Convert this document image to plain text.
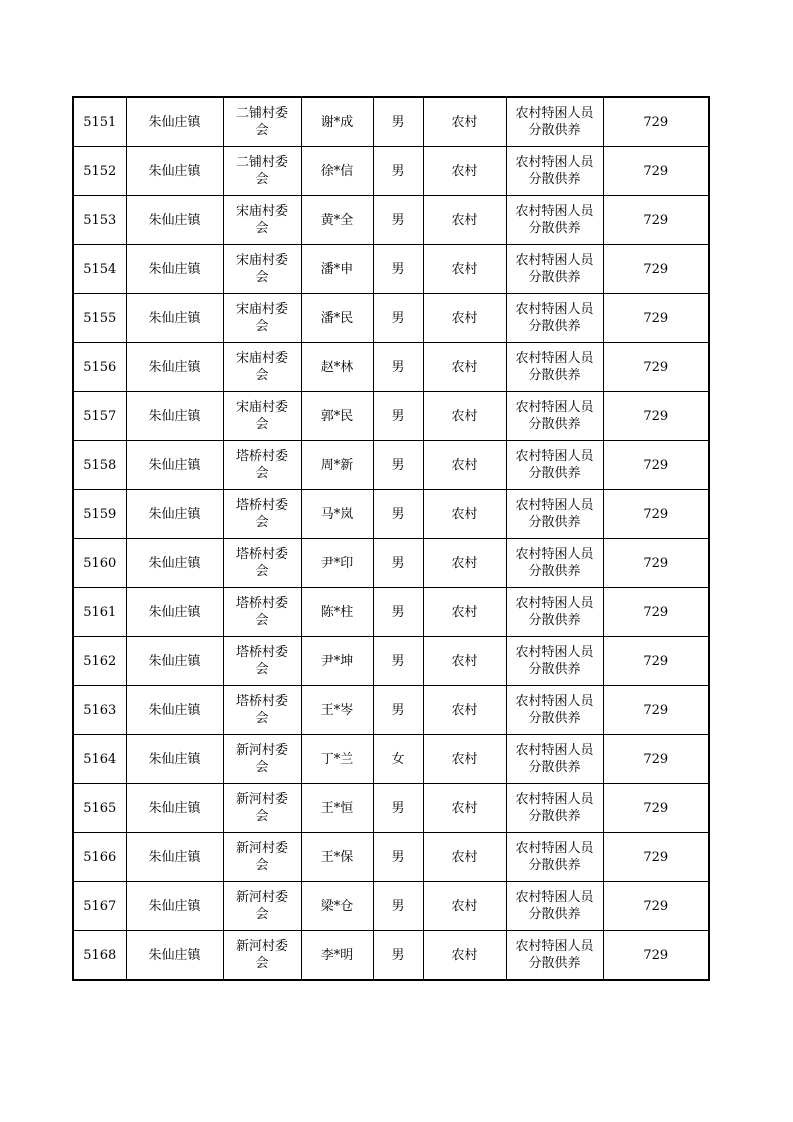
5151	朱仙庄镇	二铺村委会	谢*成	男	农村	农村特困人员分散供养	729
5152	朱仙庄镇	二铺村委会	徐*信	男	农村	农村特困人员分散供养	729
5153	朱仙庄镇	宋庙村委会	黄*全	男	农村	农村特困人员分散供养	729
5154	朱仙庄镇	宋庙村委会	潘*申	男	农村	农村特困人员分散供养	729
5155	朱仙庄镇	宋庙村委会	潘*民	男	农村	农村特困人员分散供养	729
5156	朱仙庄镇	宋庙村委会	赵*林	男	农村	农村特困人员分散供养	729
5157	朱仙庄镇	宋庙村委会	郭*民	男	农村	农村特困人员分散供养	729
5158	朱仙庄镇	塔桥村委会	周*新	男	农村	农村特困人员分散供养	729
5159	朱仙庄镇	塔桥村委会	马*岚	男	农村	农村特困人员分散供养	729
5160	朱仙庄镇	塔桥村委会	尹*印	男	农村	农村特困人员分散供养	729
5161	朱仙庄镇	塔桥村委会	陈*柱	男	农村	农村特困人员分散供养	729
5162	朱仙庄镇	塔桥村委会	尹*坤	男	农村	农村特困人员分散供养	729
5163	朱仙庄镇	塔桥村委会	王*岑	男	农村	农村特困人员分散供养	729
5164	朱仙庄镇	新河村委会	丁*兰	女	农村	农村特困人员分散供养	729
5165	朱仙庄镇	新河村委会	王*恒	男	农村	农村特困人员分散供养	729
5166	朱仙庄镇	新河村委会	王*保	男	农村	农村特困人员分散供养	729
5167	朱仙庄镇	新河村委会	梁*仓	男	农村	农村特困人员分散供养	729
5168	朱仙庄镇	新河村委会	李*明	男	农村	农村特困人员分散供养	729
